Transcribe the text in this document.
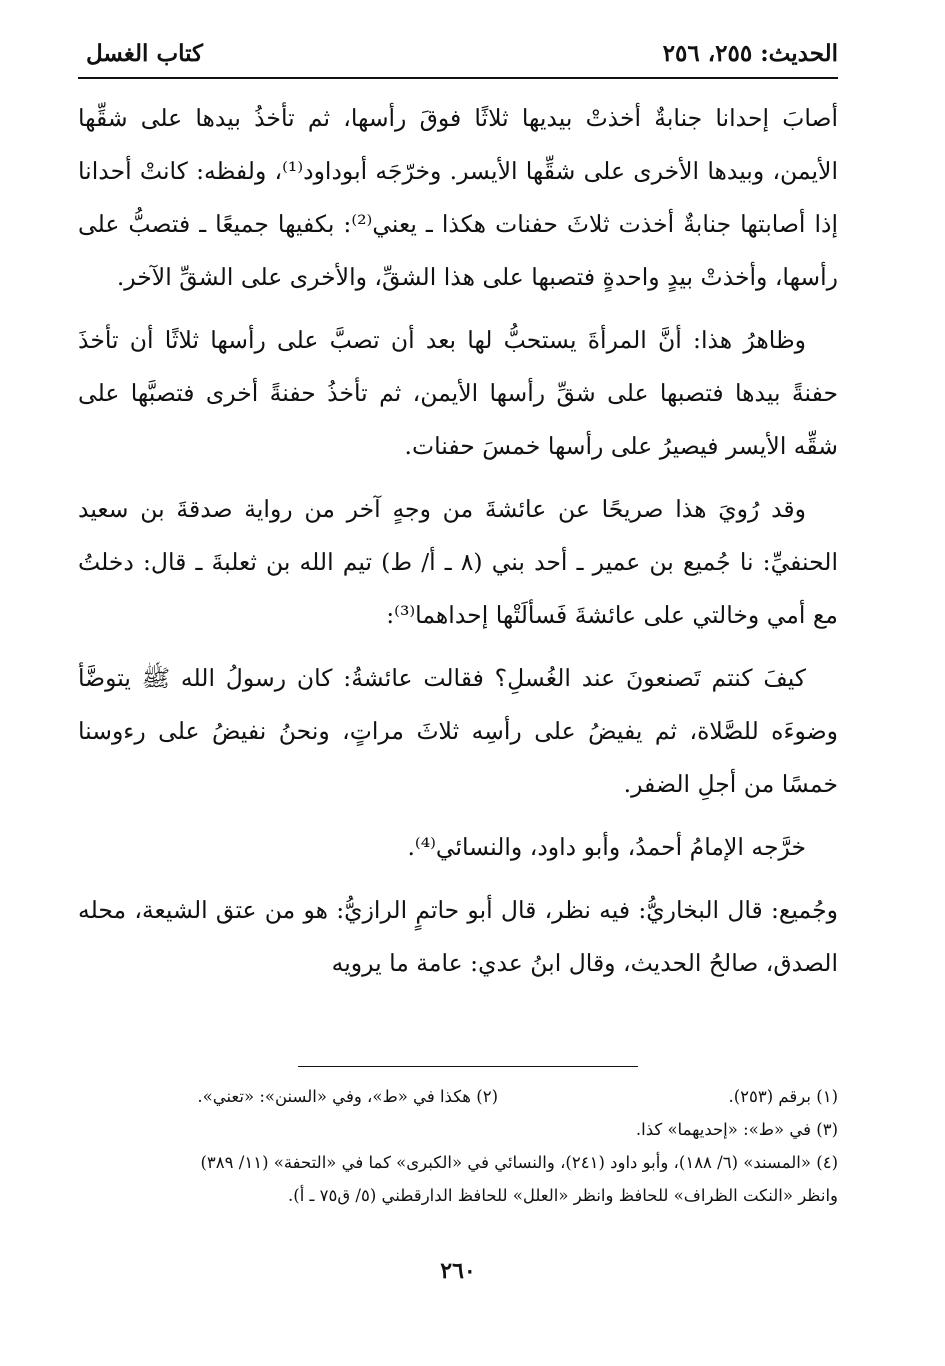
الحديث: ٢٥٥، ٢٥٦
كتاب الغسل

أصابَ إحدانا جنابةٌ أخذتْ بيديها ثلاثًا فوقَ رأسها، ثم تأخذُ بيدها على شقِّها الأيمن، وبيدها الأخرى على شقِّها الأيسر. وخرّجَه أبوداود⁽¹⁾، ولفظه: كانتْ أحدانا إذا أصابتها جنابةٌ أخذت ثلاثَ حفنات هكذا ـ يعني⁽²⁾: بكفيها جميعًا ـ فتصبُّ على رأسها، وأخذتْ بيدٍ واحدةٍ فتصبها على هذا الشقِّ، والأخرى على الشقِّ الآخر.

وظاهرُ هذا: أنَّ المرأةَ يستحبُّ لها بعد أن تصبَّ على رأسها ثلاثًا أن تأخذَ حفنةً بيدها فتصبها على شقِّ رأسها الأيمن، ثم تأخذُ حفنةً أخرى فتصبَّها على شقِّه الأيسر فيصيرُ على رأسها خمسَ حفنات.

وقد رُويَ هذا صريحًا عن عائشةَ من وجهٍ آخر من رواية صدقةَ بن سعيد الحنفيِّ: نا جُميع بن عمير ـ أحد بني (٨ ـ أ/ ط) تيم الله بن ثعلبةَ ـ قال: دخلتُ مع أمي وخالتي على عائشةَ فَسألَتْها إحداهما⁽³⁾:

كيفَ كنتم تَصنعونَ عند الغُسلِ؟ فقالت عائشةُ: كان رسولُ الله ﷺ يتوضَّأ وضوءَه للصَّلاة، ثم يفيضُ على رأسِه ثلاثَ مراتٍ، ونحنُ نفيضُ على رءوسنا خمسًا من أجلِ الضفر.

خرَّجه الإمامُ أحمدُ، وأبو داود، والنسائي⁽⁴⁾.

وجُميع: قال البخاريُّ: فيه نظر، قال أبو حاتمٍ الرازيُّ: هو من عتق الشيعة، محله الصدق، صالحُ الحديث، وقال ابنُ عدي: عامة ما يرويه

(١) برقم (٢٥٣).
(٢) هكذا في «ط»، وفي «السنن»: «تعني».
(٣) في «ط»: «إحديهما» كذا.
(٤) «المسند» (٦/ ١٨٨)، وأبو داود (٢٤١)، والنسائي في «الكبرى» كما في «التحفة» (١١/ ٣٨٩)
وانظر «النكت الظراف» للحافظ وانظر «العلل» للحافظ الدارقطني (٥/ ق٧٥ ـ أ).
٢٦٠
